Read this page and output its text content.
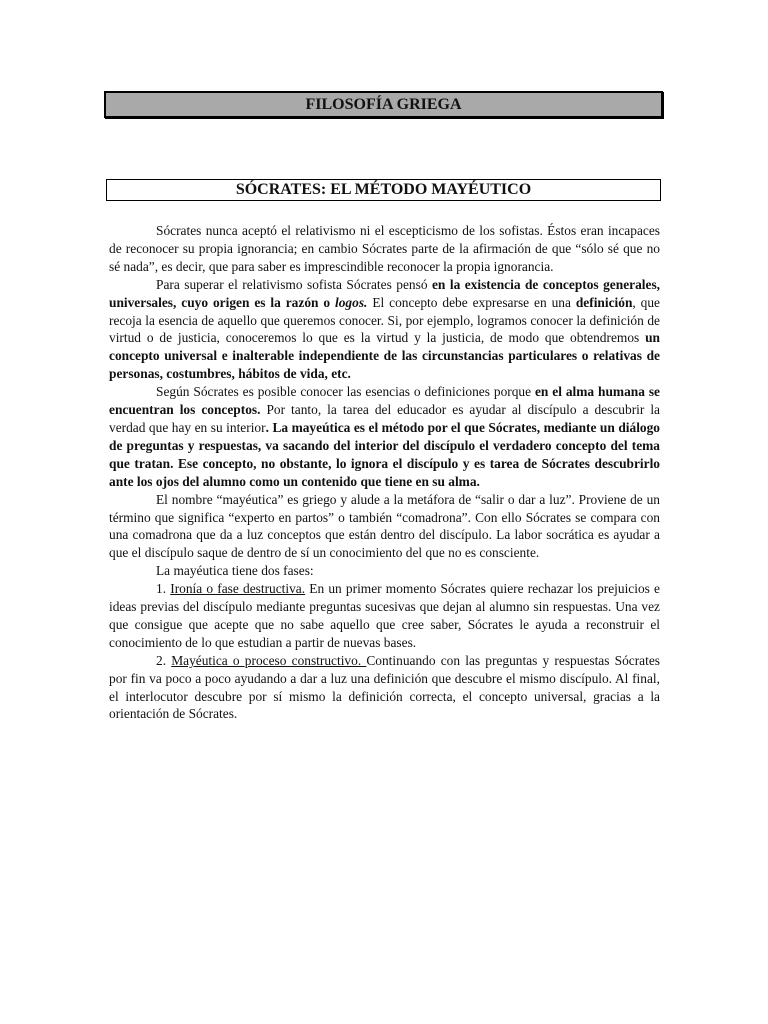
FILOSOFÍA GRIEGA
SÓCRATES: EL MÉTODO MAYÉUTICO

Sócrates nunca aceptó el relativismo ni el escepticismo de los sofistas. Éstos eran incapaces de reconocer su propia ignorancia; en cambio Sócrates parte de la afirmación de que “sólo sé que no sé nada”, es decir, que para saber es imprescindible reconocer la propia ignorancia.

Para superar el relativismo sofista Sócrates pensó en la existencia de conceptos generales, universales, cuyo origen es la razón o logos. El concepto debe expresarse en una definición, que recoja la esencia de aquello que queremos conocer. Si, por ejemplo, logramos conocer la definición de virtud o de justicia, conoceremos lo que es la virtud y la justicia, de modo que obtendremos un concepto universal e inalterable independiente de las circunstancias particulares o relativas de personas, costumbres, hábitos de vida, etc.

Según Sócrates es posible conocer las esencias o definiciones porque en el alma humana se encuentran los conceptos. Por tanto, la tarea del educador es ayudar al discípulo a descubrir la verdad que hay en su interior. La mayeútica es el método por el que Sócrates, mediante un diálogo de preguntas y respuestas, va sacando del interior del discípulo el verdadero concepto del tema que tratan. Ese concepto, no obstante, lo ignora el discípulo y es tarea de Sócrates descubrirlo ante los ojos del alumno como un contenido que tiene en su alma.

El nombre “mayéutica” es griego y alude a la metáfora de “salir o dar a luz”. Proviene de un término que significa “experto en partos” o también “comadrona”. Con ello Sócrates se compara con una comadrona que da a luz conceptos que están dentro del discípulo. La labor socrática es ayudar a que el discípulo saque de dentro de sí un conocimiento del que no es consciente.

La mayéutica tiene dos fases:

1. Ironía o fase destructiva. En un primer momento Sócrates quiere rechazar los prejuicios e ideas previas del discípulo mediante preguntas sucesivas que dejan al alumno sin respuestas. Una vez que consigue que acepte que no sabe aquello que cree saber, Sócrates le ayuda a reconstruir el conocimiento de lo que estudian a partir de nuevas bases.

2. Mayéutica o proceso constructivo. Continuando con las preguntas y respuestas Sócrates por fin va poco a poco ayudando a dar a luz una definición que descubre el mismo discípulo. Al final, el interlocutor descubre por sí mismo la definición correcta, el concepto universal, gracias a la orientación de Sócrates.
